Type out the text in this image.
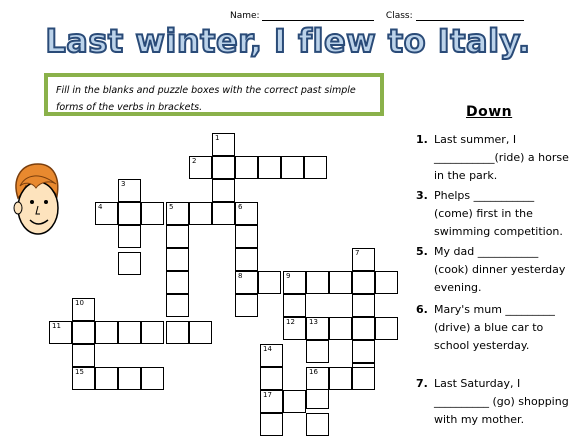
Name:	Class:
Last winter, I flew to Italy.
Fill in the blanks and puzzle boxes with the correct past simple forms of the verbs in brackets.
1
2
3
4	5	6
8	9
7
10
11	12 13
14
15	16
17
Down
1. Last summer, I ___________(ride) a horse in the park.
3. Phelps ___________ (come) first in the swimming competition.
5. My dad ___________ (cook) dinner yesterday evening.
6. Mary's mum _________ (drive) a blue car to school yesterday.
7. Last Saturday, I __________ (go) shopping with my mother.
